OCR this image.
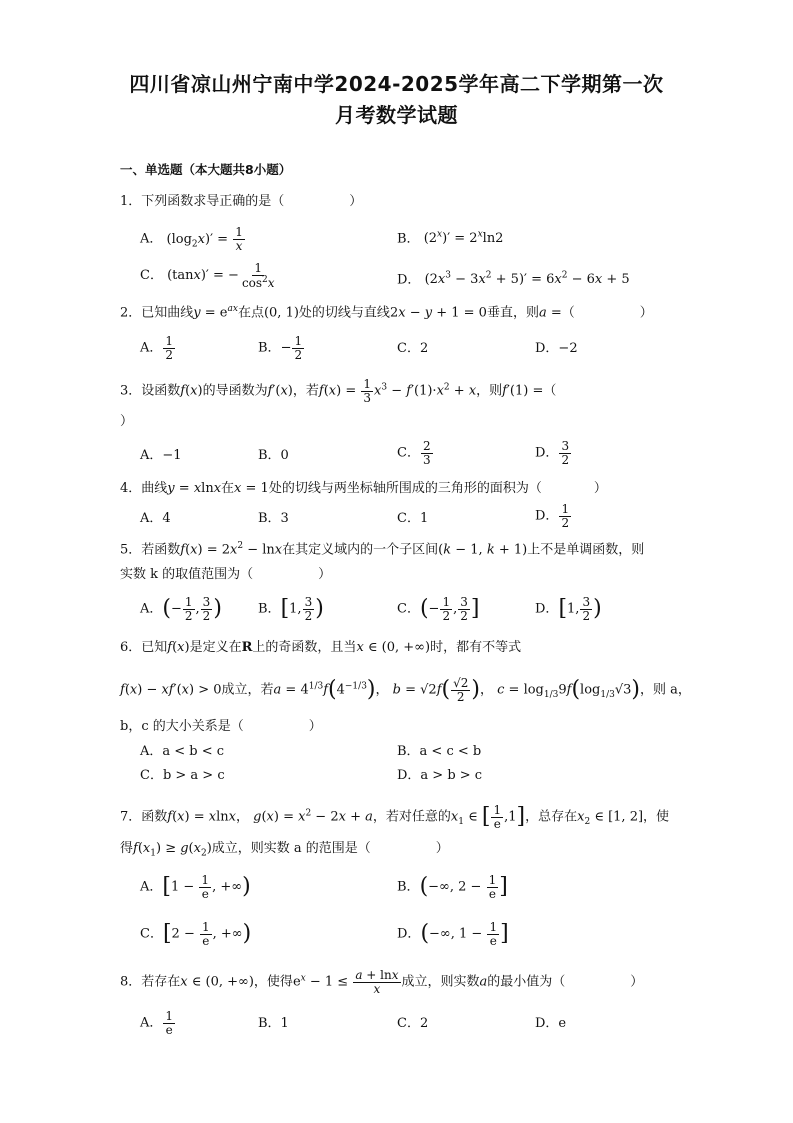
四川省凉山州宁南中学2024-2025学年高二下学期第一次
月考数学试题
一、单选题（本大题共8小题）
1．下列函数求导正确的是（　　　　　）
A． $(\log_2x)' = \frac{1}{x}$	B． $(2^x)' = 2^x\ln 2$
C． (tanx)′ = − $\frac{1}{\cos^2x}$	D． $(2x^3 - 3x^2 + 5)' = 6x^2 - 6x + 5$
2．已知曲线$y = e^{ax}$在点(0, 1)处的切线与直线2x − y + 1 = 0垂直，则a =（　　　　　）
A． $\frac{1}{2}$	B．− $\frac{1}{2}$	C．2	D．−2
3．设函数f(x)的导函数为f′(x)，若$f(x) = \frac{1}{3} x^3 - f'(1)\cdot x^2 + x$，则f′(1) =（
）
A．−1	B．0	C． $\frac{2}{3}$	D． $\frac{3}{2}$
4．曲线y = xlnx在x = 1处的切线与两坐标轴所围成的三角形的面积为（　　　　）
A．4	B．3	C．1	D． $\frac{1}{2}$
5．若函数$f(x) = 2x^2 - \ln x$在其定义域内的一个子区间(k − 1, k + 1)上不是单调函数，则
实数 k 的取值范围为（　　　　　）
A．(− $\frac{1}{2}$ , $\frac{3}{2}$ )	B．[1, $\frac{3}{2}$ )	C．(− $\frac{1}{2}$ , $\frac{3}{2}$ ]	D．[1, $\frac{3}{2}$ )
6．已知f(x)是定义在R上的奇函数，且当x ∈ (0, +∞)时，都有不等式
f(x) − xf′(x) > 0成立，若$a = 4^{1/3}f(4^{-1/3})$， $b = √2f( \frac{√2}{2}$ )， $c = \log_{1/3}9f(\log_{1/3}√3)$，则 a，
b，c 的大小关系是（　　　　　）
A．a < b < c	B．a < c < b
C．b > a > c	D．a > b > c
7．函数f(x) = xlnx， $g(x) = x^2 - 2x + a$，若对任意的$x_1$ ∈ [ $\frac{1}{e} ,1$]，总存在$x_2$ ∈ [1, 2]，使
得$f(x_1) \ge g(x_2)$成立，则实数 a 的范围是（　　　　　）
A．[$1 - \frac{1}{e}$ , +∞)	B．(−∞, $2 - \frac{1}{e}$ ]
C．[$2 - \frac{1}{e}$ , +∞)	D．(−∞, $1 - \frac{1}{e}$ ]
8．若存在x ∈ (0, +∞)，使得$e^x - 1 \le \frac{a + \ln x}{x}$ 成立，则实数a的最小值为（　　　　　）
A． $\frac{1}{e}$	B．1	C．2	D．e
